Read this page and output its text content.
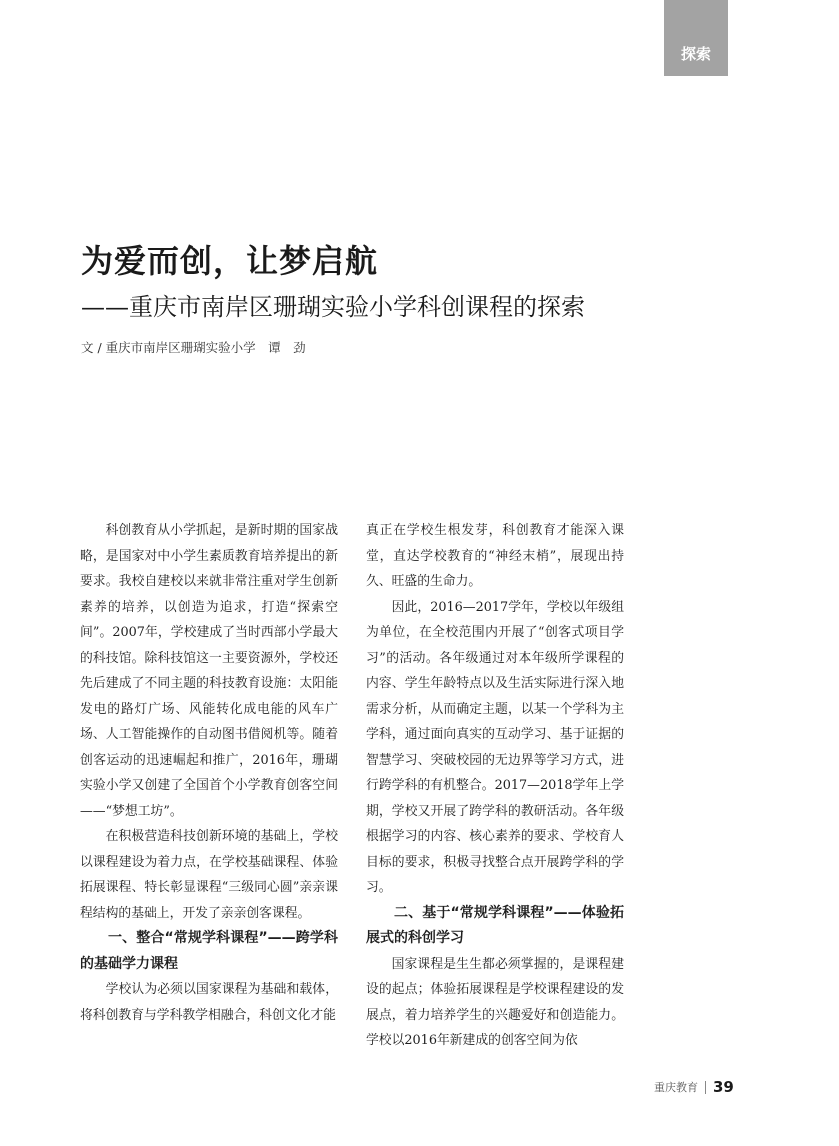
探索
为爱而创，让梦启航
——重庆市南岸区珊瑚实验小学科创课程的探索
文 / 重庆市南岸区珊瑚实验小学　谭　劲

科创教育从小学抓起，是新时期的国家战略，是国家对中小学生素质教育培养提出的新要求。我校自建校以来就非常注重对学生创新素养的培养，以创造为追求，打造“探索空间”。2007年，学校建成了当时西部小学最大的科技馆。除科技馆这一主要资源外，学校还先后建成了不同主题的科技教育设施：太阳能发电的路灯广场、风能转化成电能的风车广场、人工智能操作的自动图书借阅机等。随着创客运动的迅速崛起和推广，2016年，珊瑚实验小学又创建了全国首个小学教育创客空间——“梦想工坊”。

在积极营造科技创新环境的基础上，学校以课程建设为着力点，在学校基础课程、体验拓展课程、特长彰显课程“三级同心圆”亲亲课程结构的基础上，开发了亲亲创客课程。

一、整合“常规学科课程”——跨学科的基础学力课程

学校认为必须以国家课程为基础和载体，将科创教育与学科教学相融合，科创文化才能

真正在学校生根发芽，科创教育才能深入课堂，直达学校教育的“神经末梢”，展现出持久、旺盛的生命力。

因此，2016—2017学年，学校以年级组为单位，在全校范围内开展了“创客式项目学习”的活动。各年级通过对本年级所学课程的内容、学生年龄特点以及生活实际进行深入地需求分析，从而确定主题，以某一个学科为主学科，通过面向真实的互动学习、基于证据的智慧学习、突破校园的无边界等学习方式，进行跨学科的有机整合。2017—2018学年上学期，学校又开展了跨学科的教研活动。各年级根据学习的内容、核心素养的要求、学校育人目标的要求，积极寻找整合点开展跨学科的学习。

二、基于“常规学科课程”——体验拓展式的科创学习

国家课程是生生都必须掌握的，是课程建设的起点；体验拓展课程是学校课程建设的发展点，着力培养学生的兴趣爱好和创造能力。学校以2016年新建成的创客空间为依

重庆教育 39
